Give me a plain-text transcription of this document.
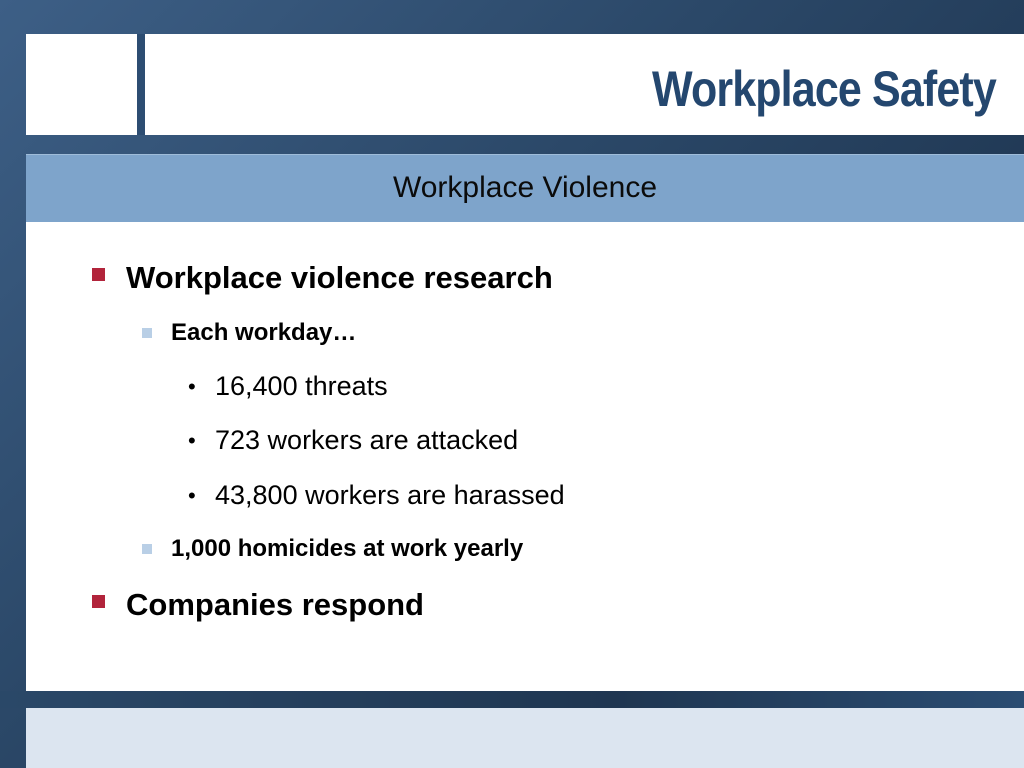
Workplace Safety
Workplace Violence
Workplace violence research
Each workday…
• 16,400 threats
• 723 workers are attacked
• 43,800 workers are harassed
1,000 homicides at work yearly
Companies respond
